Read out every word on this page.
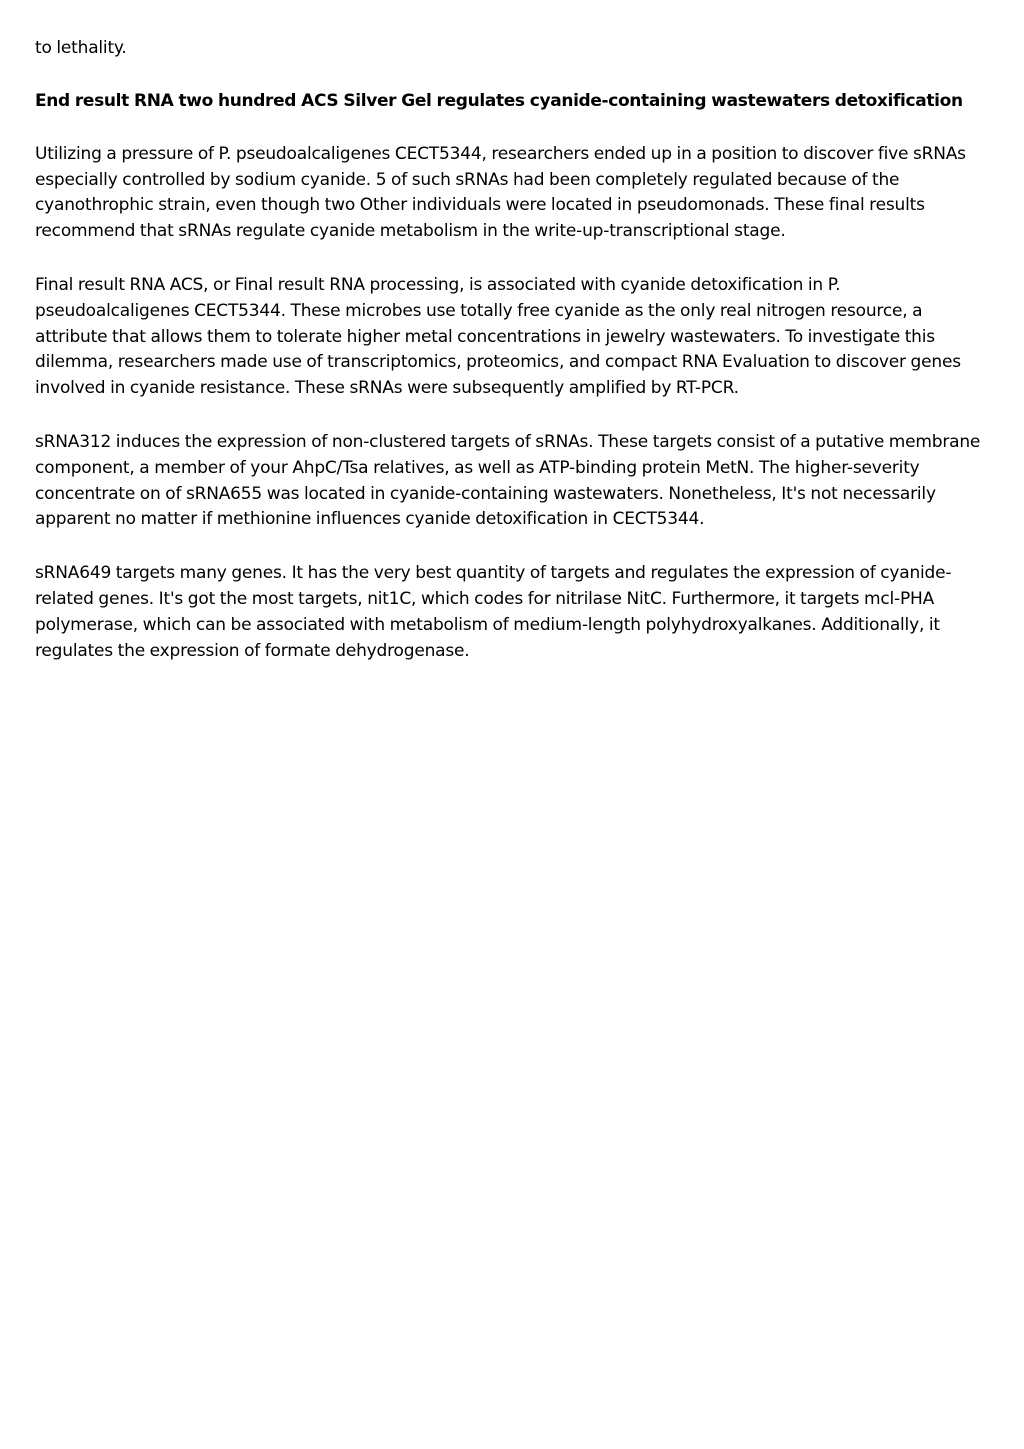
to lethality.

End result RNA two hundred ACS Silver Gel regulates cyanide-containing wastewaters detoxification

Utilizing a pressure of P. pseudoalcaligenes CECT5344, researchers ended up in a position to discover five sRNAs especially controlled by sodium cyanide. 5 of such sRNAs had been completely regulated because of the cyanothrophic strain, even though two Other individuals were located in pseudomonads. These final results recommend that sRNAs regulate cyanide metabolism in the write-up-transcriptional stage.

Final result RNA ACS, or Final result RNA processing, is associated with cyanide detoxification in P. pseudoalcaligenes CECT5344. These microbes use totally free cyanide as the only real nitrogen resource, a attribute that allows them to tolerate higher metal concentrations in jewelry wastewaters. To investigate this dilemma, researchers made use of transcriptomics, proteomics, and compact RNA Evaluation to discover genes involved in cyanide resistance. These sRNAs were subsequently amplified by RT-PCR.

sRNA312 induces the expression of non-clustered targets of sRNAs. These targets consist of a putative membrane component, a member of your AhpC/Tsa relatives, as well as ATP-binding protein MetN. The higher-severity concentrate on of sRNA655 was located in cyanide-containing wastewaters. Nonetheless, It's not necessarily apparent no matter if methionine influences cyanide detoxification in CECT5344.

sRNA649 targets many genes. It has the very best quantity of targets and regulates the expression of cyanide-related genes. It's got the most targets, nit1C, which codes for nitrilase NitC. Furthermore, it targets mcl-PHA polymerase, which can be associated with metabolism of medium-length polyhydroxyalkanes. Additionally, it regulates the expression of formate dehydrogenase.
